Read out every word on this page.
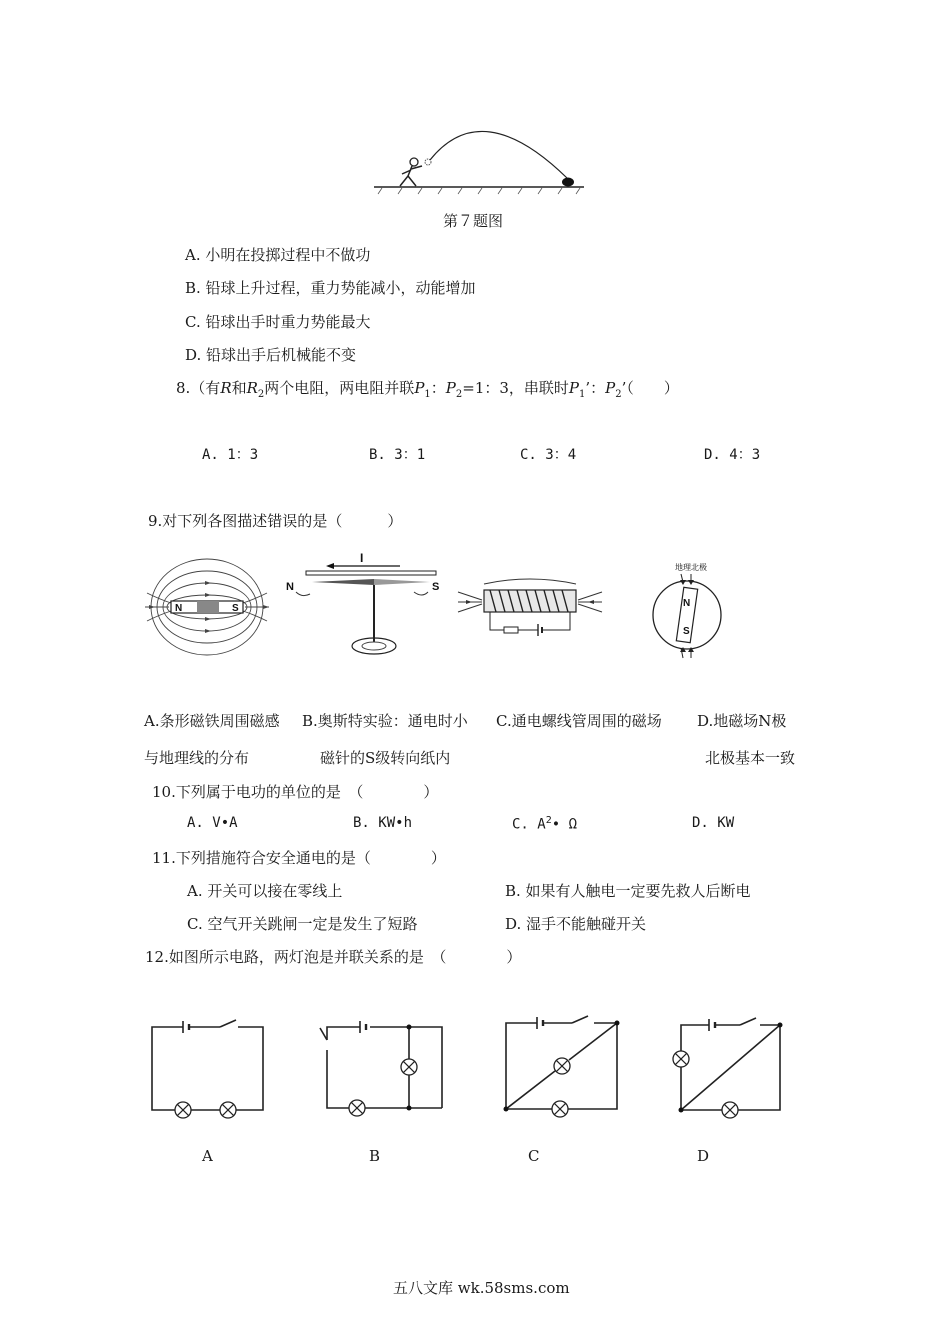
第７题图
A. 小明在投掷过程中不做功
B. 铅球上升过程，重力势能减小，动能增加
C. 铅球出手时重力势能最大
D. 铅球出手后机械能不变
8.（有R和$R_2$两个电阻，两电阻并联$P_1$：$P_2=1$：3，串联时$P_1$’：$P_2$’（　　）
A. 1：3	B. 3：1	C. 3：4	D. 4：3
9.对下列各图描述错误的是（　　　）
N	S
I
N	S
地理北极
N
S
A.条形磁铁周围磁感 B.奥斯特实验：通电时小 C.通电螺线管周围的磁场 D.地磁场N极
与地理线的分布	磁针的S级转向纸内	北极基本一致
10.下列属于电功的单位的是　（　　　　）
A. V•A	B. KW•h	C. $A^2•$ Ω	D. KW
11.下列措施符合安全通电的是（　　　　）
A. 开关可以接在零线上	B. 如果有人触电一定要先救人后断电
C. 空气开关跳闸一定是发生了短路	D. 湿手不能触碰开关
12.如图所示电路，两灯泡是并联关系的是　（　　　　）
A	B	C	D
五八文库 wk.58sms.com
